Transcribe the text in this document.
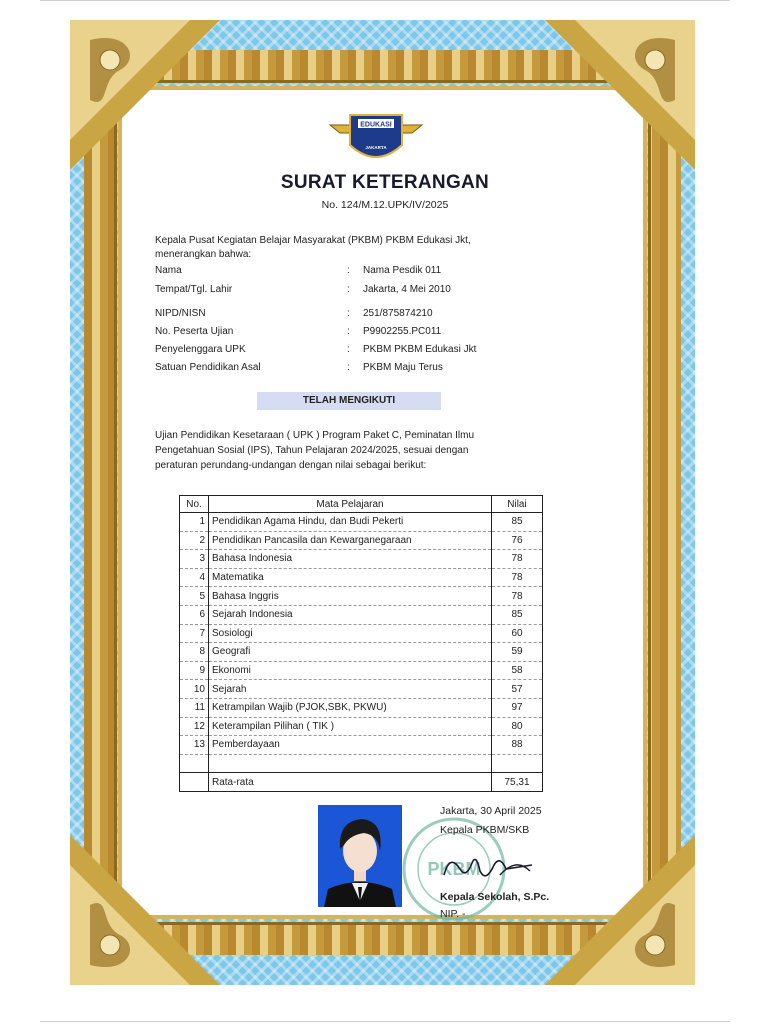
EDUKASI
JAKARTA
SURAT KETERANGAN
No. 124/M.12.UPK/IV/2025
Kepala Pusat Kegiatan Belajar Masyarakat (PKBM) PKBM Edukasi Jkt,
menerangkan bahwa:
Nama	: Nama Pesdik 011
Tempat/Tgl. Lahir	: Jakarta, 4 Mei 2010
NIPD/NISN	: 251/875874210
No. Peserta Ujian	: P9902255.PC011
Penyelenggara UPK	: PKBM PKBM Edukasi Jkt
Satuan Pendidikan Asal	: PKBM Maju Terus
TELAH MENGIKUTI
Ujian Pendidikan Kesetaraan ( UPK ) Program Paket C, Peminatan Ilmu
Pengetahuan Sosial (IPS), Tahun Pelajaran 2024/2025, sesuai dengan
peraturan perundang-undangan dengan nilai sebagai berikut:
No.	Mata Pelajaran	Nilai
1	Pendidikan Agama Hindu, dan Budi Pekerti	85
2	Pendidikan Pancasila dan Kewarganegaraan	76
3	Bahasa Indonesia	78
4	Matematika	78
5	Bahasa Inggris	78
6	Sejarah Indonesia	85
7	Sosiologi	60
8	Geografi	59
9	Ekonomi	58
10	Sejarah	57
11	Ketrampilan Wajib (PJOK,SBK, PKWU)	97
12	Keterampilan Pilihan ( TIK )	80
13	Pemberdayaan	88

	Rata-rata	75,31
PKBM
Jakarta, 30 April 2025
Kepala PKBM/SKB
Kepala Sekolah, S.Pc.
NIP. -
